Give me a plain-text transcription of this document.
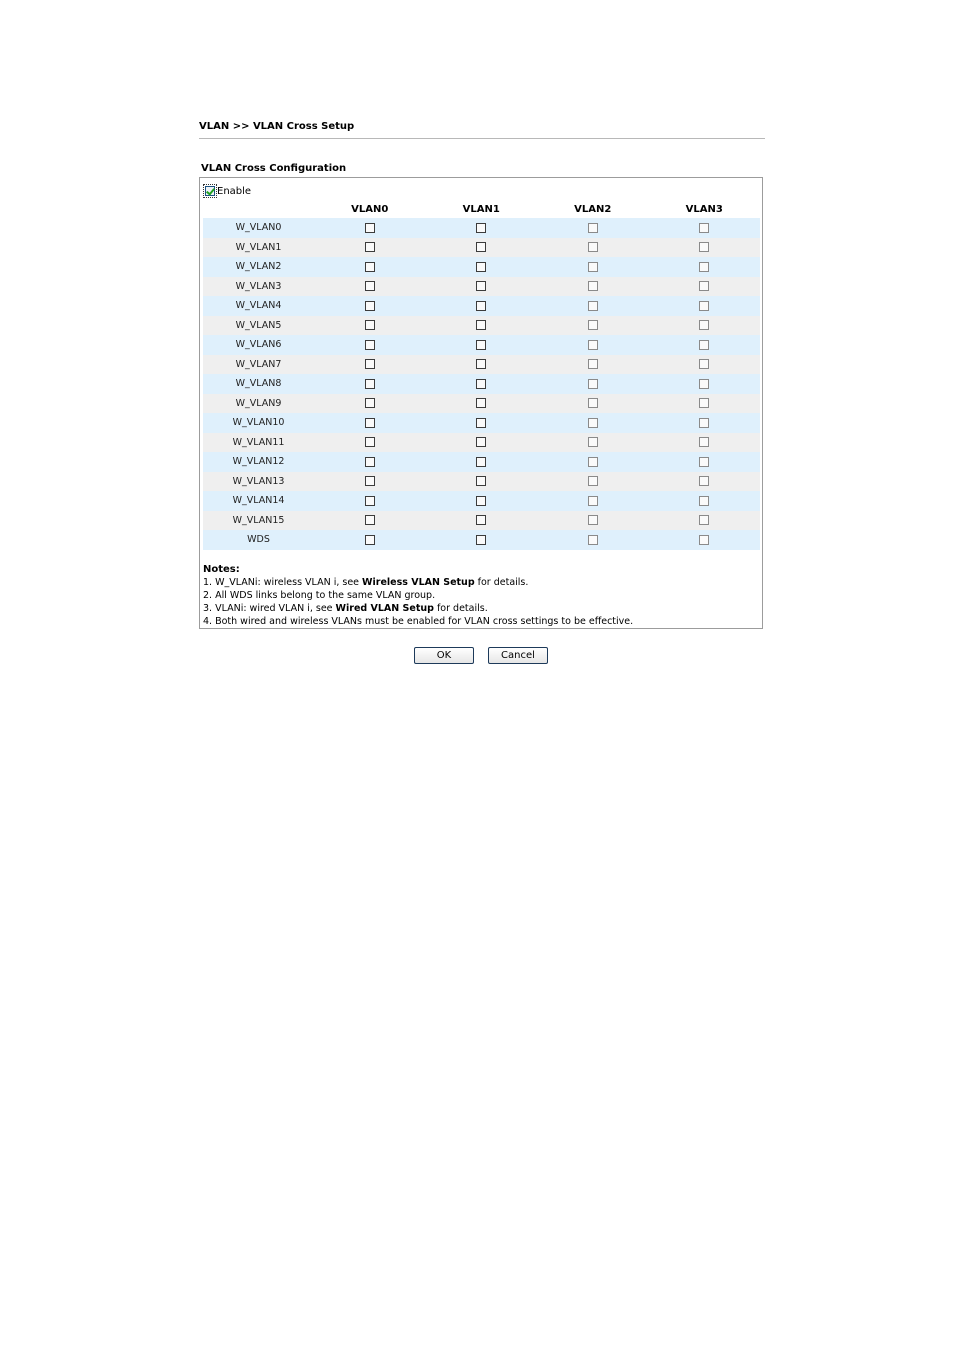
VLAN >> VLAN Cross Setup
VLAN Cross Configuration
Enable
VLAN0	VLAN1	VLAN2	VLAN3
W_VLAN0
W_VLAN1
W_VLAN2
W_VLAN3
W_VLAN4
W_VLAN5
W_VLAN6
W_VLAN7
W_VLAN8
W_VLAN9
W_VLAN10
W_VLAN11
W_VLAN12
W_VLAN13
W_VLAN14
W_VLAN15
WDS
Notes:
1. W_VLANi: wireless VLAN i, see Wireless VLAN Setup for details.
2. All WDS links belong to the same VLAN group.
3. VLANi: wired VLAN i, see Wired VLAN Setup for details.
4. Both wired and wireless VLANs must be enabled for VLAN cross settings to be effective.
OK	Cancel
